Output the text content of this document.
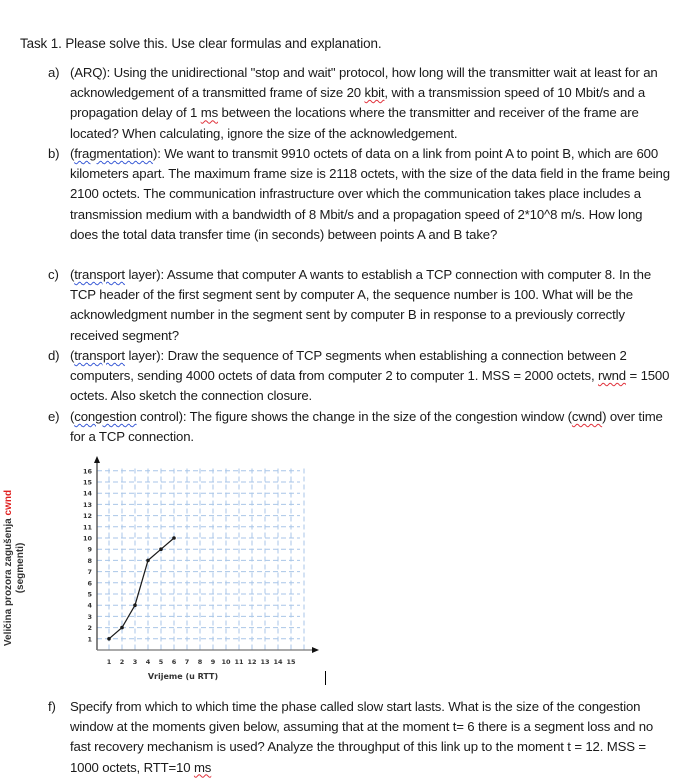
Task 1. Please solve this. Use clear formulas and explanation.
a) (ARQ): Using the unidirectional "stop and wait" protocol, how long will the transmitter wait at least for an acknowledgement of a transmitted frame of size 20 kbit, with a transmission speed of 10 Mbit/s and a propagation delay of 1 ms between the locations where the transmitter and receiver of the frame are located? When calculating, ignore the size of the acknowledgement.
b) (fragmentation): We want to transmit 9910 octets of data on a link from point A to point B, which are 600 kilometers apart. The maximum frame size is 2118 octets, with the size of the data field in the frame being 2100 octets. The communication infrastructure over which the communication takes place includes a transmission medium with a bandwidth of 8 Mbit/s and a propagation speed of 2*10^8 m/s. How long does the total data transfer time (in seconds) between points A and B take?
c) (transport layer): Assume that computer A wants to establish a TCP connection with computer 8. In the TCP header of the first segment sent by computer A, the sequence number is 100. What will be the acknowledgment number in the segment sent by computer B in response to a previously correctly received segment?
d) (transport layer): Draw the sequence of TCP segments when establishing a connection between 2 computers, sending 4000 octets of data from computer 2 to computer 1. MSS = 2000 octets, rwnd = 1500 octets. Also sketch the connection closure.
e) (congestion control): The figure shows the change in the size of the congestion window (cwnd) over time for a TCP connection.
Veličina prozora zagušenja cwnd
(segmenti)
1
2
3
4
5
6
7
8
9
10
11
12
13
14
15
16
1 2 3 4 5 6 7 8 9 10 11 12 13 14 15
Vrijeme (u RTT)
f)	Specify from which to which time the phase called slow start lasts. What is the size of the congestion window at the moments given below, assuming that at the moment t= 6 there is a segment loss and no fast recovery mechanism is used? Analyze the throughput of this link up to the moment t = 12. MSS = 1000 octets, RTT=10 ms
